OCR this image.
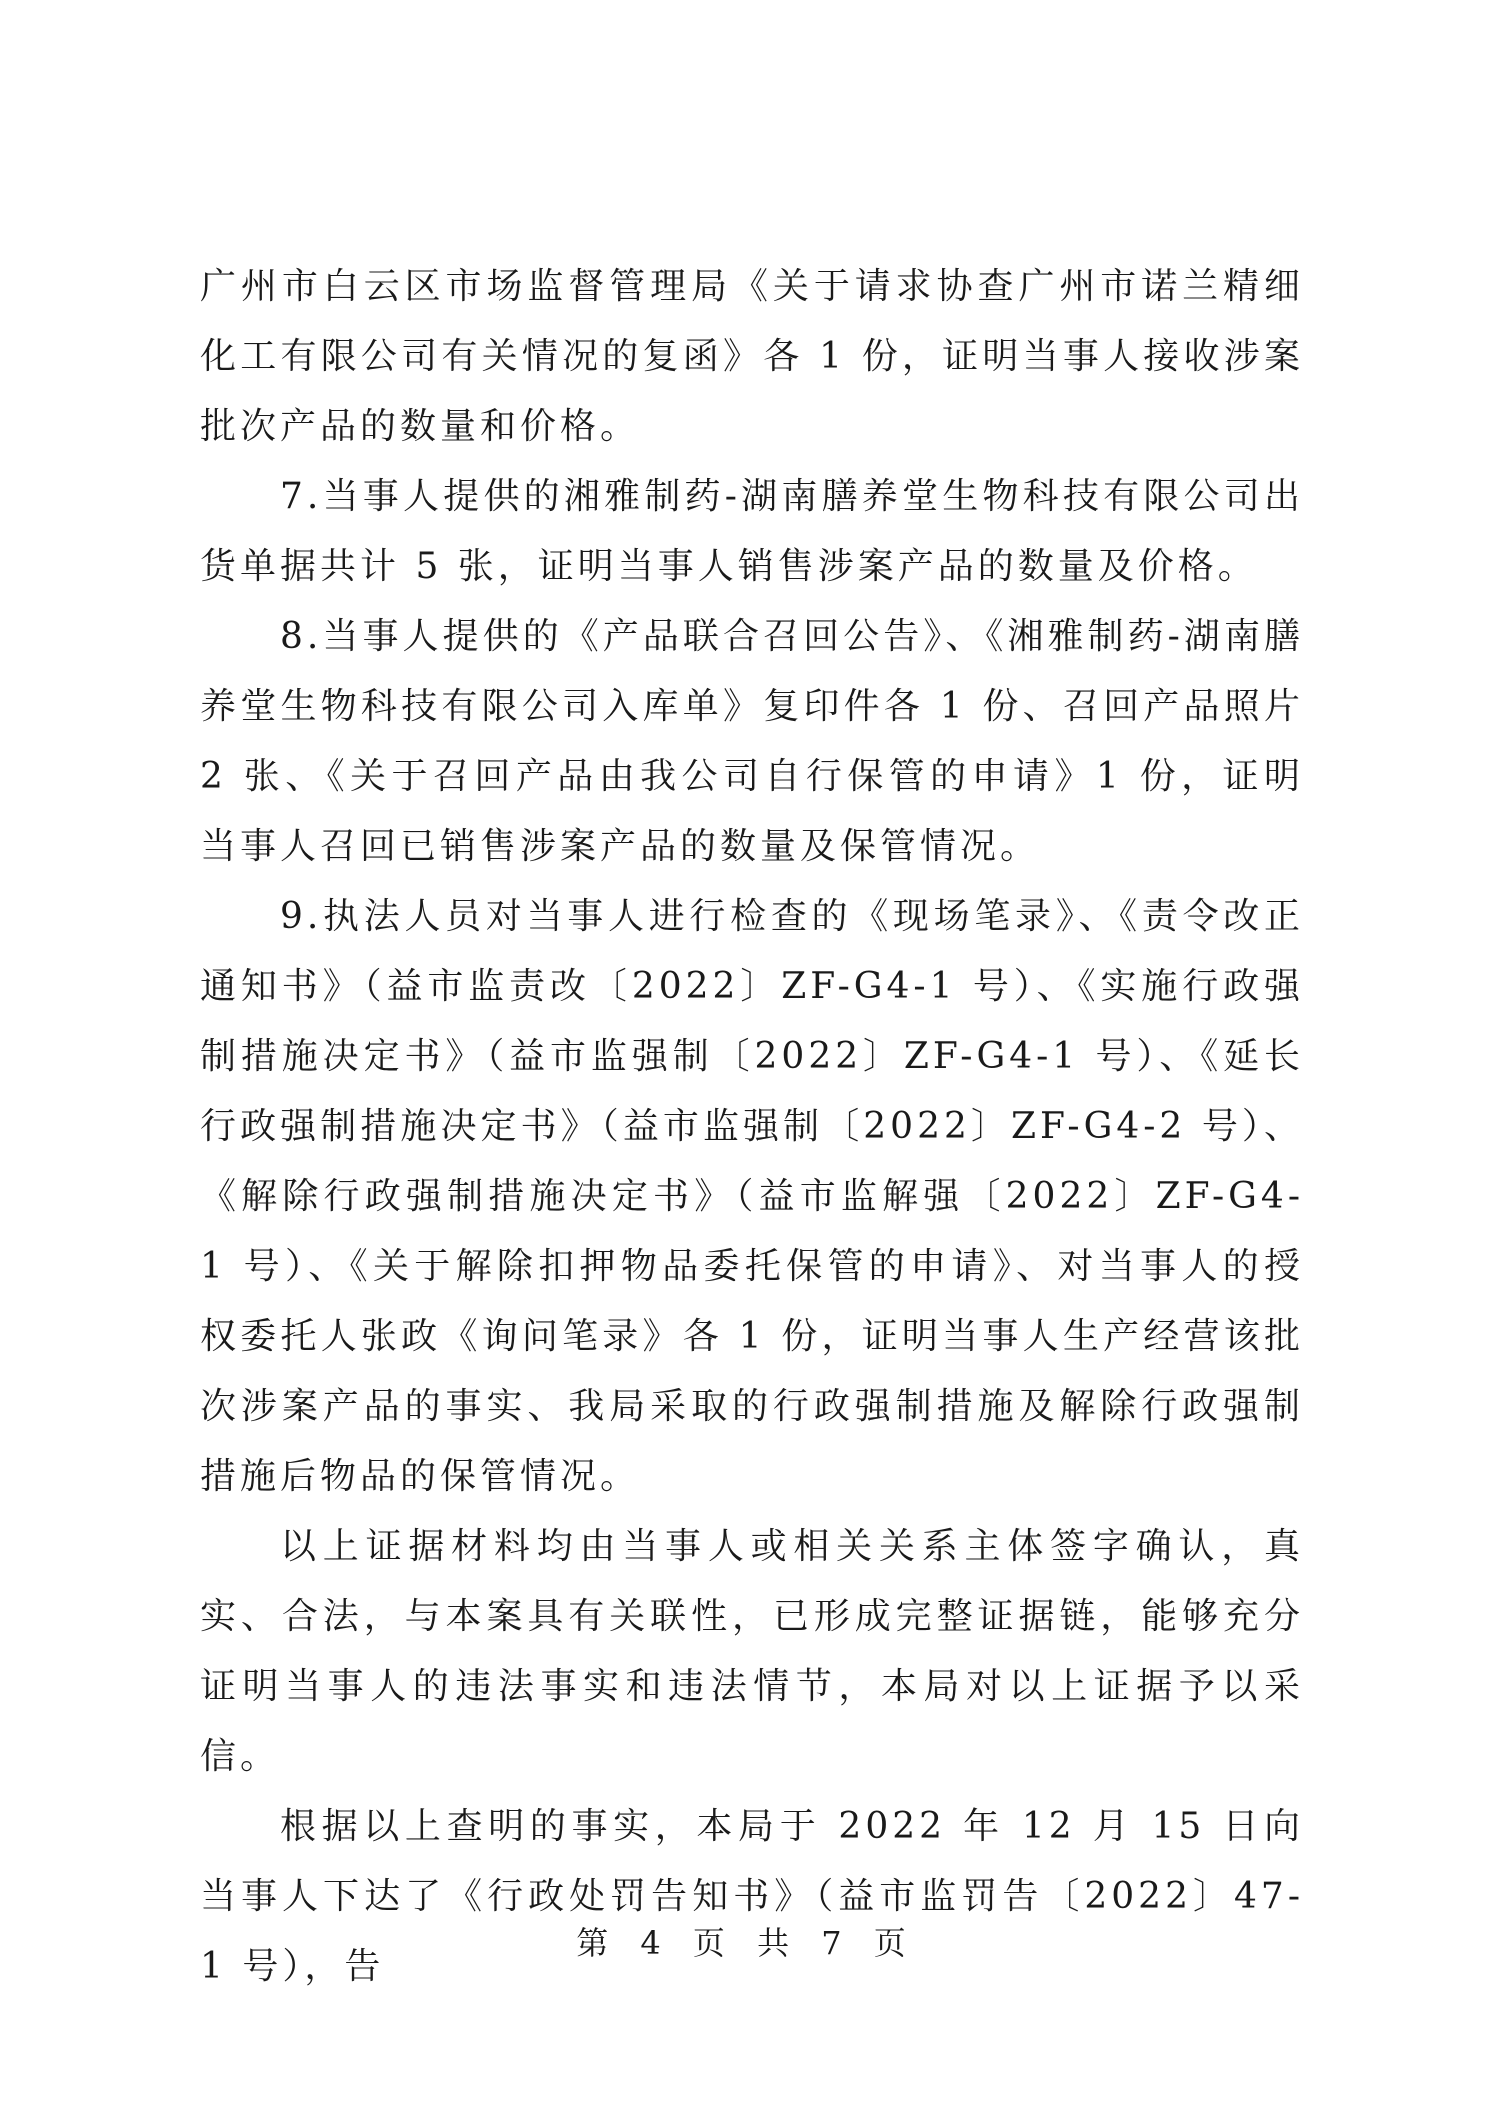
广州市白云区市场监督管理局《关于请求协查广州市诺兰精细化工有限公司有关情况的复函》各 1 份，证明当事人接收涉案批次产品的数量和价格。

7.当事人提供的湘雅制药-湖南膳养堂生物科技有限公司出货单据共计 5 张，证明当事人销售涉案产品的数量及价格。

8.当事人提供的《产品联合召回公告》、《湘雅制药-湖南膳养堂生物科技有限公司入库单》复印件各 1 份、召回产品照片 2 张、《关于召回产品由我公司自行保管的申请》1 份，证明当事人召回已销售涉案产品的数量及保管情况。

9.执法人员对当事人进行检查的《现场笔录》、《责令改正通知书》（益市监责改〔2022〕ZF-G4-1 号）、《实施行政强制措施决定书》（益市监强制〔2022〕ZF-G4-1 号）、《延长行政强制措施决定书》（益市监强制〔2022〕ZF-G4-2 号）、《解除行政强制措施决定书》（益市监解强〔2022〕ZF-G4-1 号）、《关于解除扣押物品委托保管的申请》、对当事人的授权委托人张政《询问笔录》各 1 份，证明当事人生产经营该批次涉案产品的事实、我局采取的行政强制措施及解除行政强制措施后物品的保管情况。

以上证据材料均由当事人或相关关系主体签字确认，真实、合法，与本案具有关联性，已形成完整证据链，能够充分证明当事人的违法事实和违法情节，本局对以上证据予以采信。

根据以上查明的事实，本局于 2022 年 12 月 15 日向当事人下达了《行政处罚告知书》（益市监罚告〔2022〕47-1 号），告

第 4 页 共 7 页
